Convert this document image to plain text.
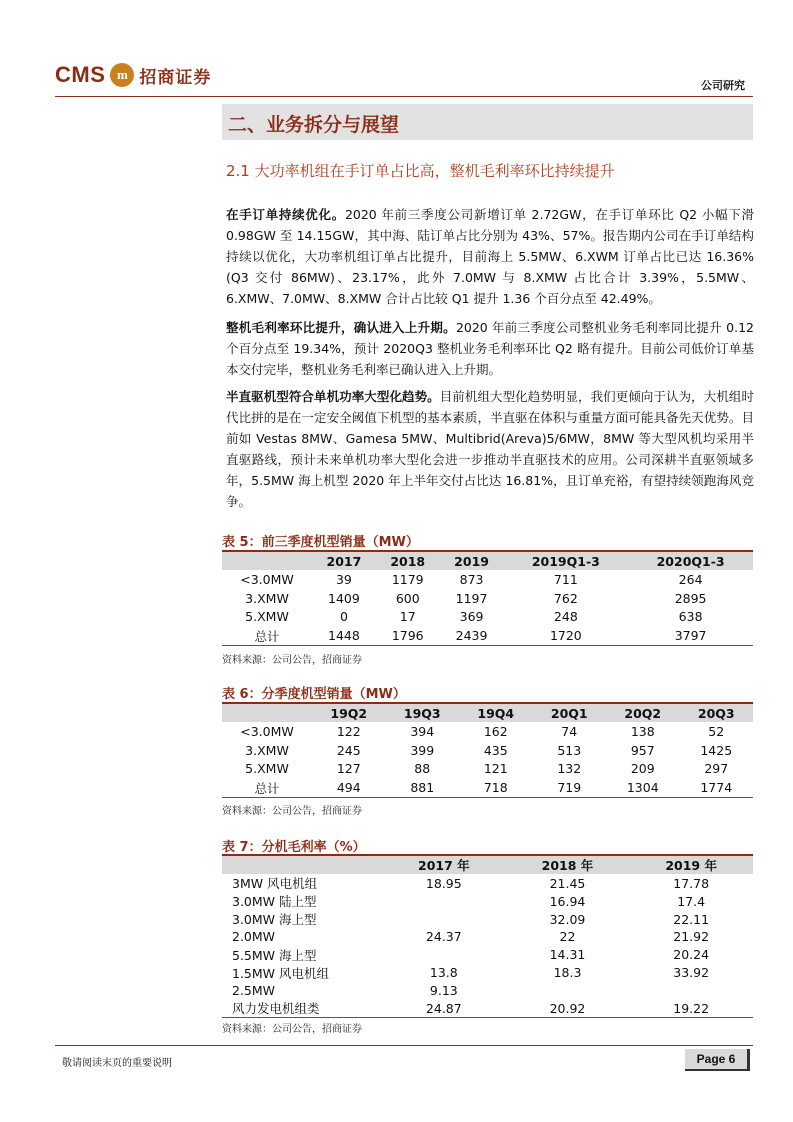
CMS m 招商证券	公司研究
二、业务拆分与展望
2.1 大功率机组在手订单占比高，整机毛利率环比持续提升
在手订单持续优化。2020 年前三季度公司新增订单 2.72GW，在手订单环比 Q2 小幅下滑 0.98GW 至 14.15GW，其中海、陆订单占比分别为 43%、57%。报告期内公司在手订单结构持续以优化，大功率机组订单占比提升，目前海上 5.5MW、6.XWM 订单占比已达 16.36%(Q3 交付 86MW)、23.17%，此外 7.0MW 与 8.XMW 占比合计 3.39%，5.5MW、6.XMW、7.0MW、8.XMW 合计占比较 Q1 提升 1.36 个百分点至 42.49%。
整机毛利率环比提升，确认进入上升期。2020 年前三季度公司整机业务毛利率同比提升 0.12 个百分点至 19.34%，预计 2020Q3 整机业务毛利率环比 Q2 略有提升。目前公司低价订单基本交付完毕，整机业务毛利率已确认进入上升期。
半直驱机型符合单机功率大型化趋势。目前机组大型化趋势明显，我们更倾向于认为，大机组时代比拼的是在一定安全阈值下机型的基本素质，半直驱在体积与重量方面可能具备先天优势。目前如 Vestas 8MW、Gamesa 5MW、Multibrid(Areva)5/6MW，8MW 等大型风机均采用半直驱路线，预计未来单机功率大型化会进一步推动半直驱技术的应用。公司深耕半直驱领域多年，5.5MW 海上机型 2020 年上半年交付占比达 16.81%，且订单充裕，有望持续领跑海风竞争。
表 5：前三季度机型销量（MW）
	2017	2018	2019	2019Q1-3	2020Q1-3
<3.0MW	39	1179	873	711	264
3.XMW	1409	600	1197	762	2895
5.XMW	0	17	369	248	638
总计	1448	1796	2439	1720	3797
资料来源：公司公告，招商证券
表 6：分季度机型销量（MW）
	19Q2	19Q3	19Q4	20Q1	20Q2	20Q3
<3.0MW	122	394	162	74	138	52
3.XMW	245	399	435	513	957	1425
5.XMW	127	88	121	132	209	297
总计	494	881	718	719	1304	1774
资料来源：公司公告，招商证券
表 7：分机毛利率（%）
	2017 年	2018 年	2019 年
3MW 风电机组	18.95	21.45	17.78
3.0MW 陆上型		16.94	17.4
3.0MW 海上型		32.09	22.11
2.0MW	24.37	22	21.92
5.5MW 海上型		14.31	20.24
1.5MW 风电机组	13.8	18.3	33.92
2.5MW	9.13		
风力发电机组类	24.87	20.92	19.22
资料来源：公司公告，招商证券
敬请阅读末页的重要说明	Page 6
